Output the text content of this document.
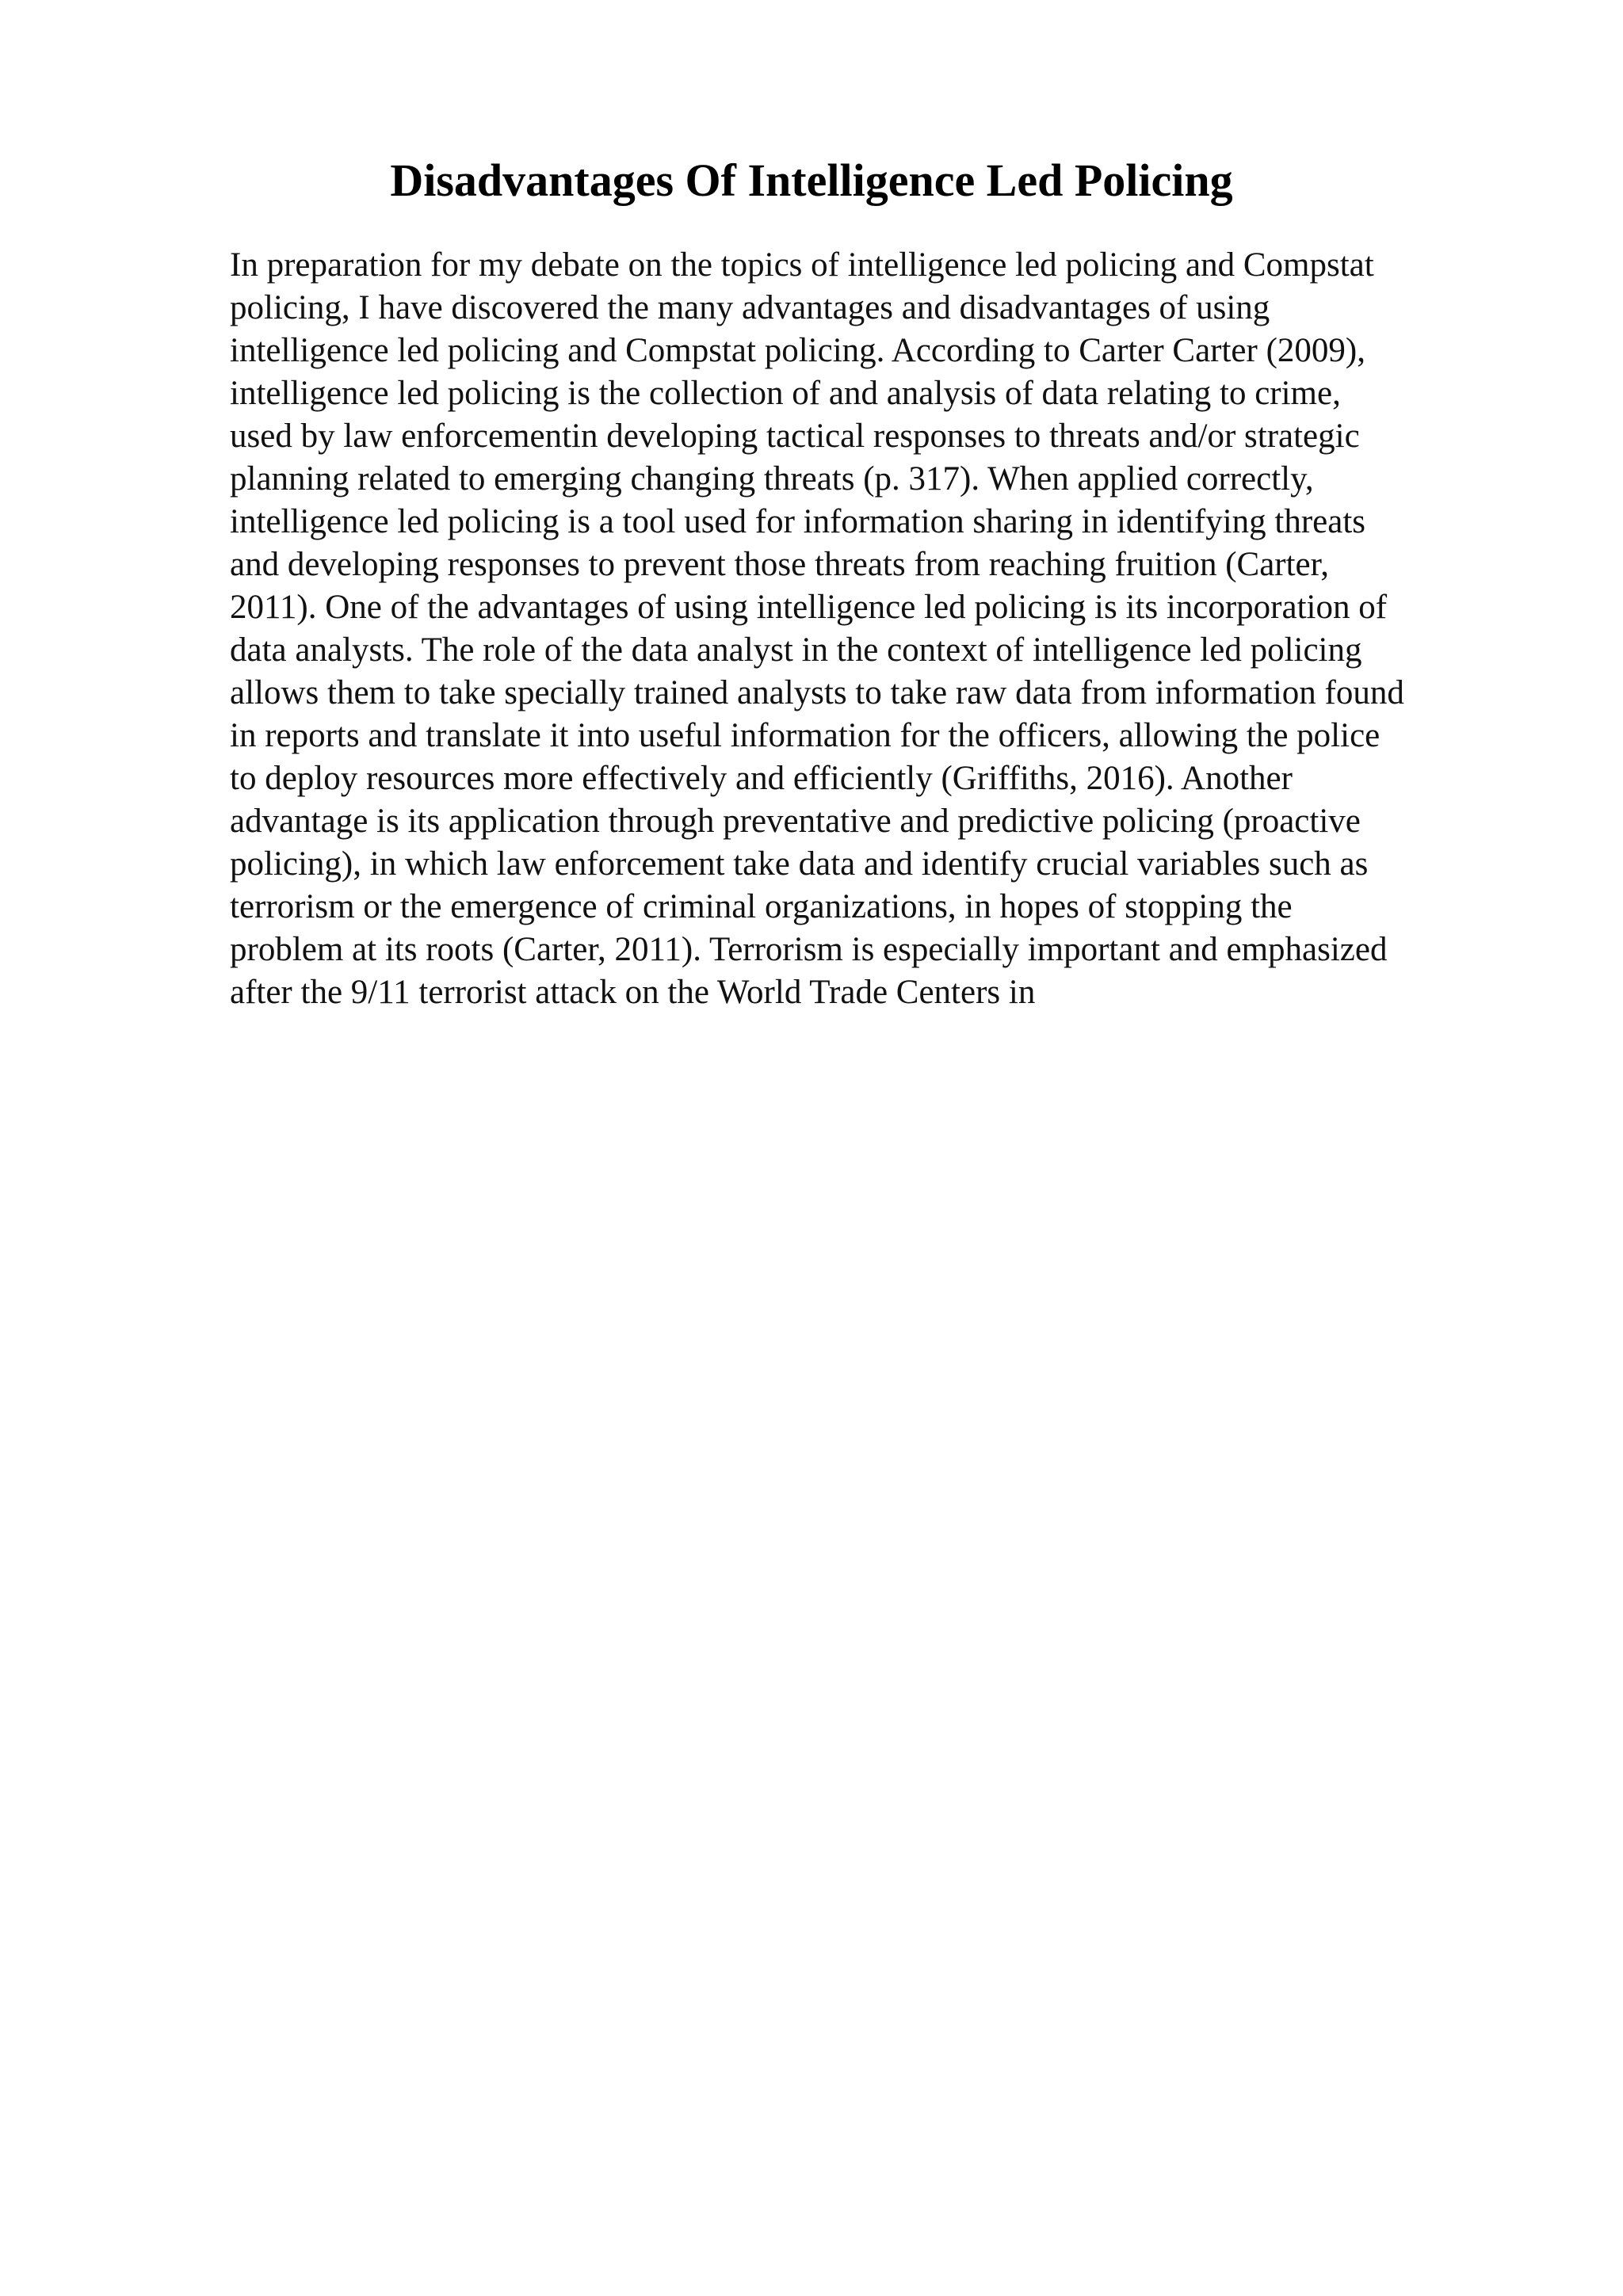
Disadvantages Of Intelligence Led Policing

In preparation for my debate on the topics of intelligence led policing and Compstat
policing, I have discovered the many advantages and disadvantages of using
intelligence led policing and Compstat policing. According to Carter Carter (2009),
intelligence led policing is the collection of and analysis of data relating to crime,
used by law enforcementin developing tactical responses to threats and/or strategic
planning related to emerging changing threats (p. 317). When applied correctly,
intelligence led policing is a tool used for information sharing in identifying threats
and developing responses to prevent those threats from reaching fruition (Carter,
2011). One of the advantages of using intelligence led policing is its incorporation of
data analysts. The role of the data analyst in the context of intelligence led policing
allows them to take specially trained analysts to take raw data from information found
in reports and translate it into useful information for the officers, allowing the police
to deploy resources more effectively and efficiently (Griffiths, 2016). Another
advantage is its application through preventative and predictive policing (proactive
policing), in which law enforcement take data and identify crucial variables such as
terrorism or the emergence of criminal organizations, in hopes of stopping the
problem at its roots (Carter, 2011). Terrorism is especially important and emphasized
after the 9/11 terrorist attack on the World Trade Centers in
